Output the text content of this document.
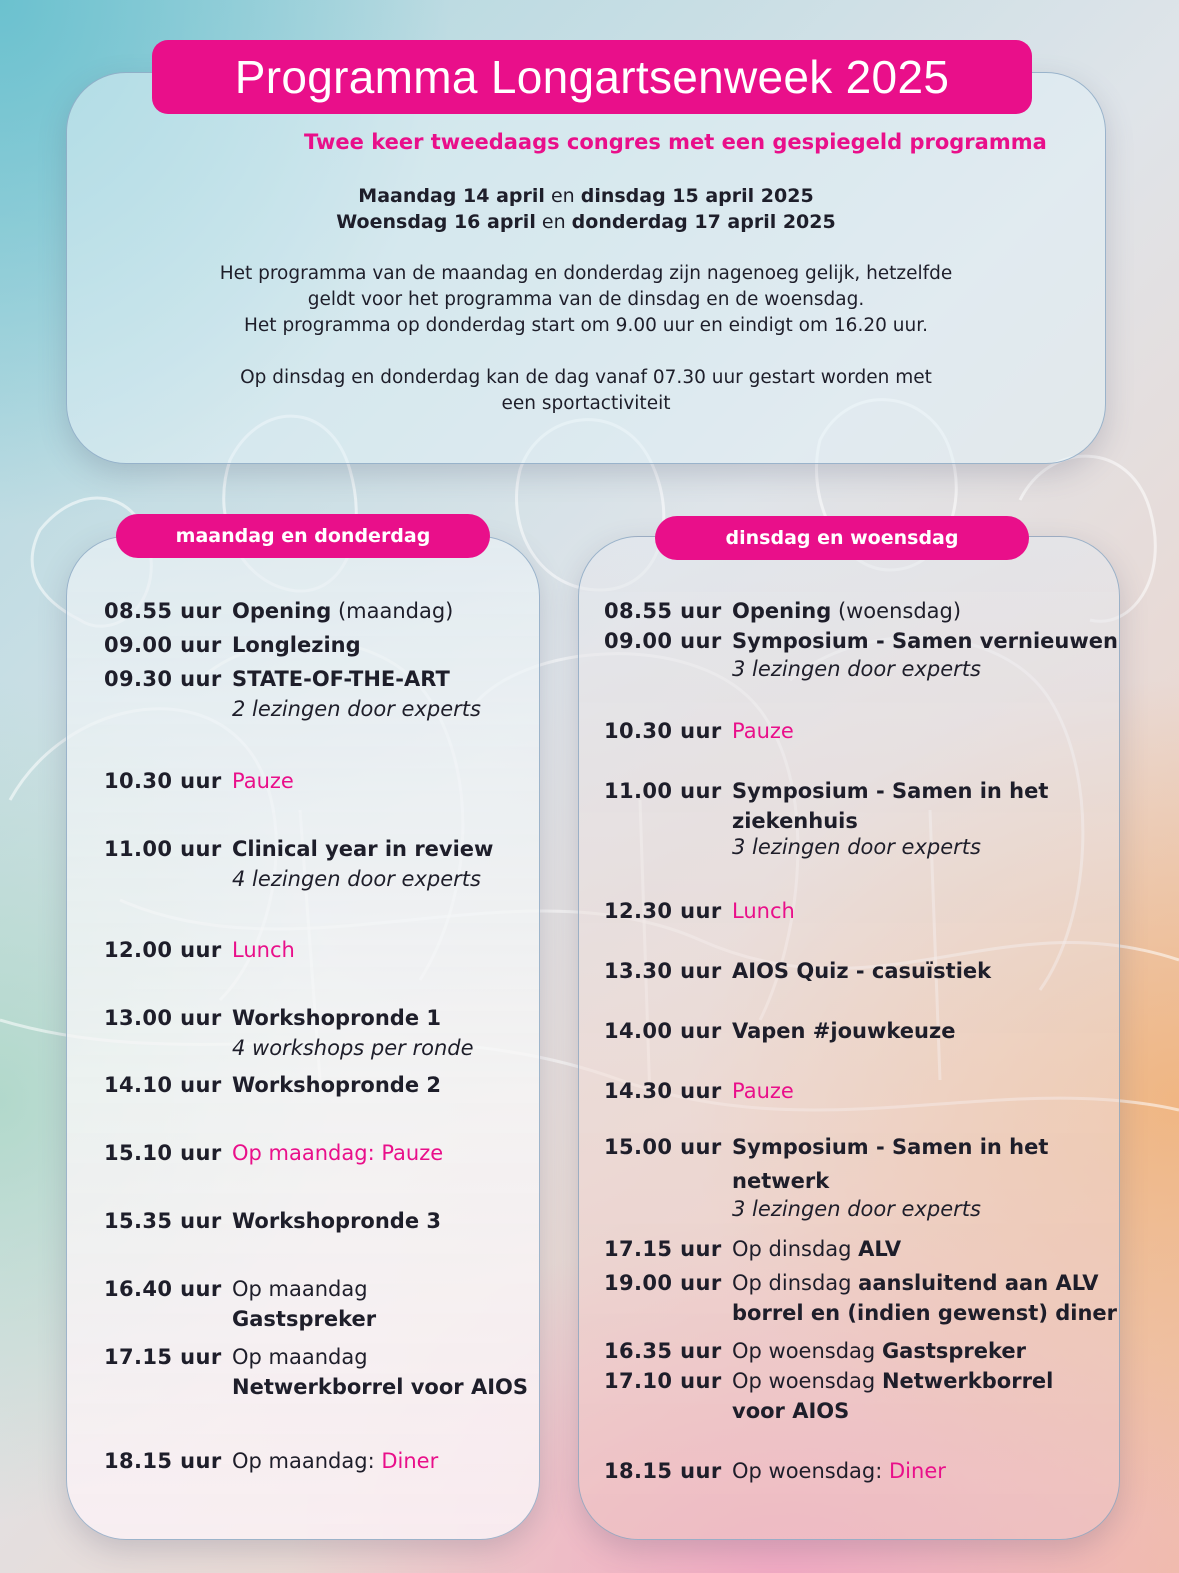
Programma Longartsenweek 2025
Twee keer tweedaags congres met een gespiegeld programma
Maandag 14 april en dinsdag 15 april 2025
Woensdag 16 april en donderdag 17 april 2025
Het programma van de maandag en donderdag zijn nagenoeg gelijk, hetzelfde
geldt voor het programma van de dinsdag en de woensdag.
Het programma op donderdag start om 9.00 uur en eindigt om 16.20 uur.
Op dinsdag en donderdag kan de dag vanaf 07.30 uur gestart worden met
een sportactiviteit
maandag en donderdag	dinsdag en woensdag
08.55 uur Opening (maandag)
09.00 uur Longlezing
09.30 uur STATE-OF-THE-ART
2 lezingen door experts
10.30 uur Pauze
11.00 uur Clinical year in review
4 lezingen door experts
12.00 uur Lunch
13.00 uur Workshopronde 1
4 workshops per ronde
14.10 uur Workshopronde 2
15.10 uur Op maandag: Pauze
15.35 uur Workshopronde 3
16.40 uur Op maandag
Gastspreker
17.15 uur Op maandag
Netwerkborrel voor AIOS
18.15 uur Op maandag: Diner
08.55 uur Opening (woensdag)
09.00 uur Symposium - Samen vernieuwen
3 lezingen door experts
10.30 uur Pauze
11.00 uur Symposium - Samen in het
ziekenhuis
3 lezingen door experts
12.30 uur Lunch
13.30 uur AIOS Quiz - casuïstiek
14.00 uur Vapen #jouwkeuze
14.30 uur Pauze
15.00 uur Symposium - Samen in het
netwerk
3 lezingen door experts
17.15 uur Op dinsdag ALV
19.00 uur Op dinsdag aansluitend aan ALV
borrel en (indien gewenst) diner
16.35 uur Op woensdag Gastspreker
17.10 uur Op woensdag Netwerkborrel
voor AIOS
18.15 uur Op woensdag: Diner
